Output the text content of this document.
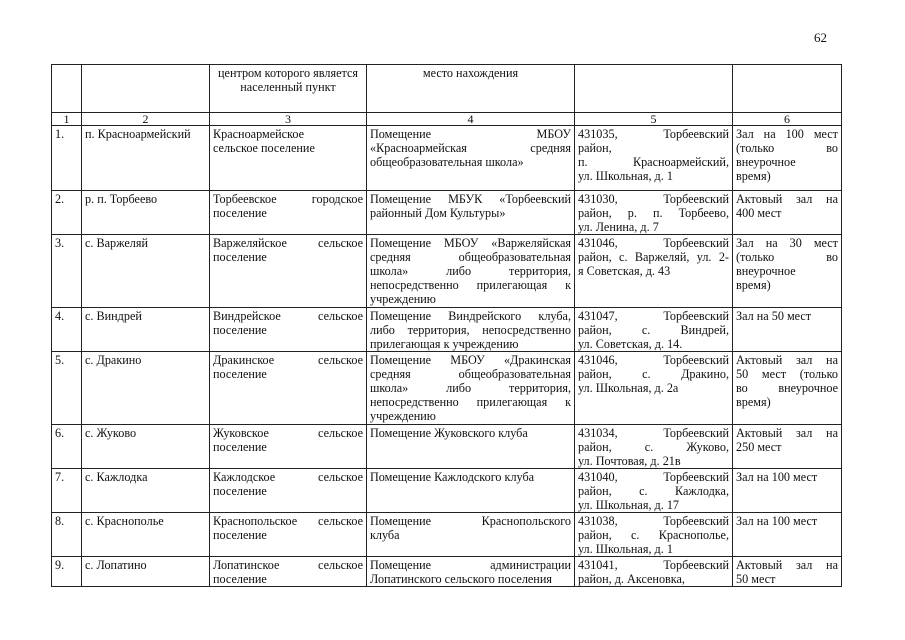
62
		центром которого является населенный пункт	место нахождения		
1	2	3	4	5	6
1.	п. Красноармейский	Красноармейское
сельское поселение	Помещение МБОУ
«Красноармейская средняя
общеобразовательная школа»	431035, Торбеевский
район,
п. Красноармейский,
ул. Школьная, д. 1	Зал на 100 мест
(только во
внеурочное
время)

2.	р. п. Торбеево	Торбеевское городское
поселение	Помещение МБУК «Торбеевский
районный Дом Культуры»	431030, Торбеевский
район, р. п. Торбеево,
ул. Ленина, д. 7	Актовый зал на
400 мест

3.	с. Варжеляй	Варжеляйское сельское
поселение	Помещение МБОУ «Варжеляйская
средняя общеобразовательная
школа» либо территория,
непосредственно прилегающая к
учреждению	431046, Торбеевский
район, с. Варжеляй, ул. 2-
я Советская, д. 43	Зал на 30 мест
(только во
внеурочное
время)

4.	с. Виндрей	Виндрейское сельское
поселение	Помещение Виндрейского клуба,
либо территория, непосредственно
прилегающая к учреждению	431047, Торбеевский
район, с. Виндрей,
ул. Советская, д. 14.	Зал на 50 мест

5.	с. Дракино	Дракинское сельское
поселение	Помещение МБОУ «Дракинская
средняя общеобразовательная
школа» либо территория,
непосредственно прилегающая к
учреждению	431046, Торбеевский
район, с. Дракино,
ул. Школьная, д. 2а	Актовый зал на
50 мест (только
во внеурочное
время)

6.	с. Жуково	Жуковское сельское
поселение	Помещение Жуковского клуба	431034, Торбеевский
район, с. Жуково,
ул. Почтовая, д. 21в	Актовый зал на
250 мест

7.	с. Кажлодка	Кажлодское сельское
поселение	Помещение Кажлодского клуба	431040, Торбеевский
район, с. Кажлодка,
ул. Школьная, д. 17	Зал на 100 мест

8.	с. Краснополье	Краснопольское сельское
поселение	Помещение Краснопольского
клуба	431038, Торбеевский
район, с. Краснополье,
ул. Школьная, д. 1	Зал на 100 мест

9.	с. Лопатино	Лопатинское сельское
поселение	Помещение администрации
Лопатинского сельского поселения	431041, Торбеевский
район, д. Аксеновка,	Актовый зал на
50 мест
